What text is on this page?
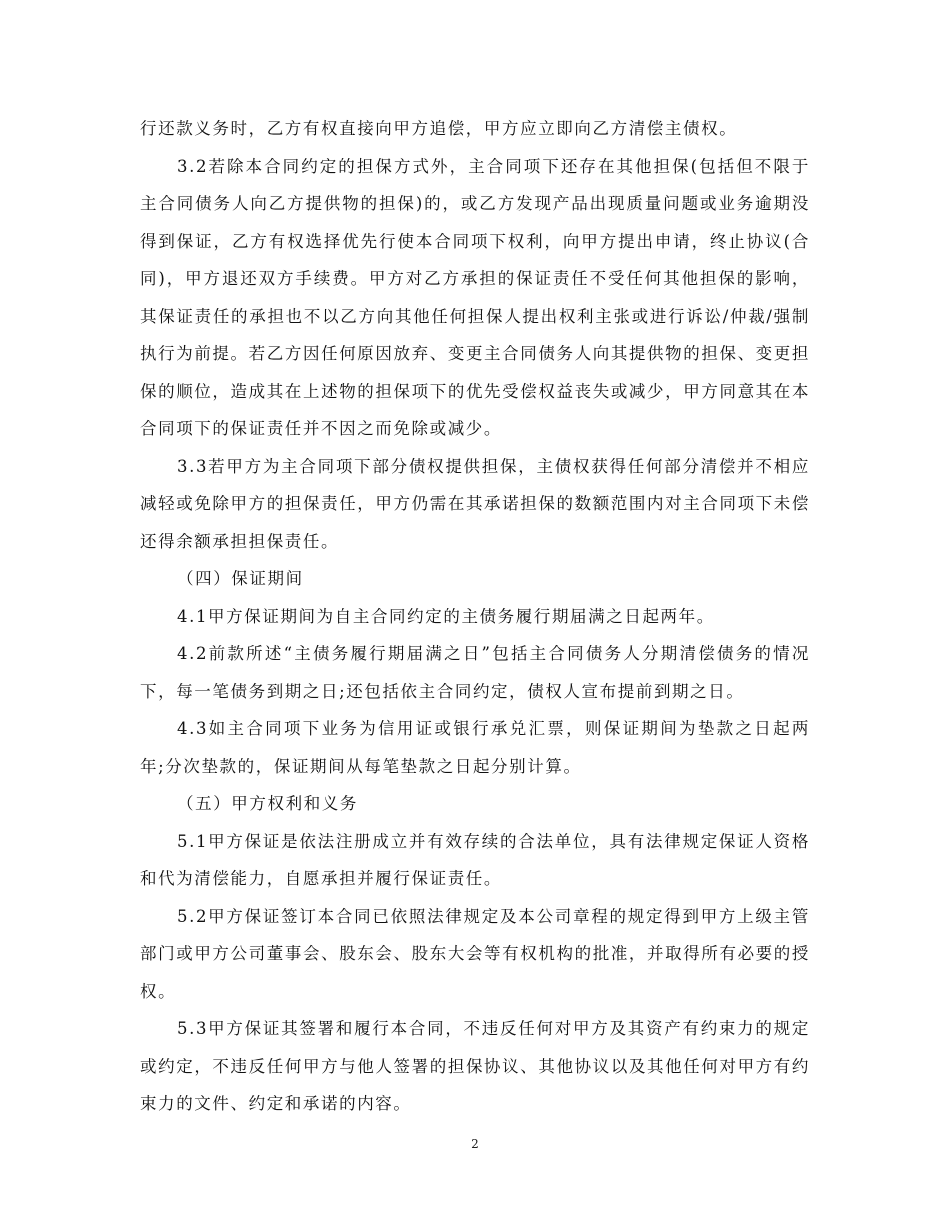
行还款义务时，乙方有权直接向甲方追偿，甲方应立即向乙方清偿主债权。

3.2若除本合同约定的担保方式外，主合同项下还存在其他担保(包括但不限于主合同债务人向乙方提供物的担保)的，或乙方发现产品出现质量问题或业务逾期没得到保证，乙方有权选择优先行使本合同项下权利，向甲方提出申请，终止协议(合同)，甲方退还双方手续费。甲方对乙方承担的保证责任不受任何其他担保的影响，其保证责任的承担也不以乙方向其他任何担保人提出权利主张或进行诉讼/仲裁/强制执行为前提。若乙方因任何原因放弃、变更主合同债务人向其提供物的担保、变更担保的顺位，造成其在上述物的担保项下的优先受偿权益丧失或减少，甲方同意其在本合同项下的保证责任并不因之而免除或减少。

3.3若甲方为主合同项下部分债权提供担保，主债权获得任何部分清偿并不相应减轻或免除甲方的担保责任，甲方仍需在其承诺担保的数额范围内对主合同项下未偿还得余额承担担保责任。

（四）保证期间

4.1甲方保证期间为自主合同约定的主债务履行期届满之日起两年。

4.2前款所述“主债务履行期届满之日”包括主合同债务人分期清偿债务的情况下，每一笔债务到期之日;还包括依主合同约定，债权人宣布提前到期之日。

4.3如主合同项下业务为信用证或银行承兑汇票，则保证期间为垫款之日起两年;分次垫款的，保证期间从每笔垫款之日起分别计算。

（五）甲方权利和义务

5.1甲方保证是依法注册成立并有效存续的合法单位，具有法律规定保证人资格和代为清偿能力，自愿承担并履行保证责任。

5.2甲方保证签订本合同已依照法律规定及本公司章程的规定得到甲方上级主管部门或甲方公司董事会、股东会、股东大会等有权机构的批准，并取得所有必要的授权。

5.3甲方保证其签署和履行本合同，不违反任何对甲方及其资产有约束力的规定或约定，不违反任何甲方与他人签署的担保协议、其他协议以及其他任何对甲方有约束力的文件、约定和承诺的内容。

2
